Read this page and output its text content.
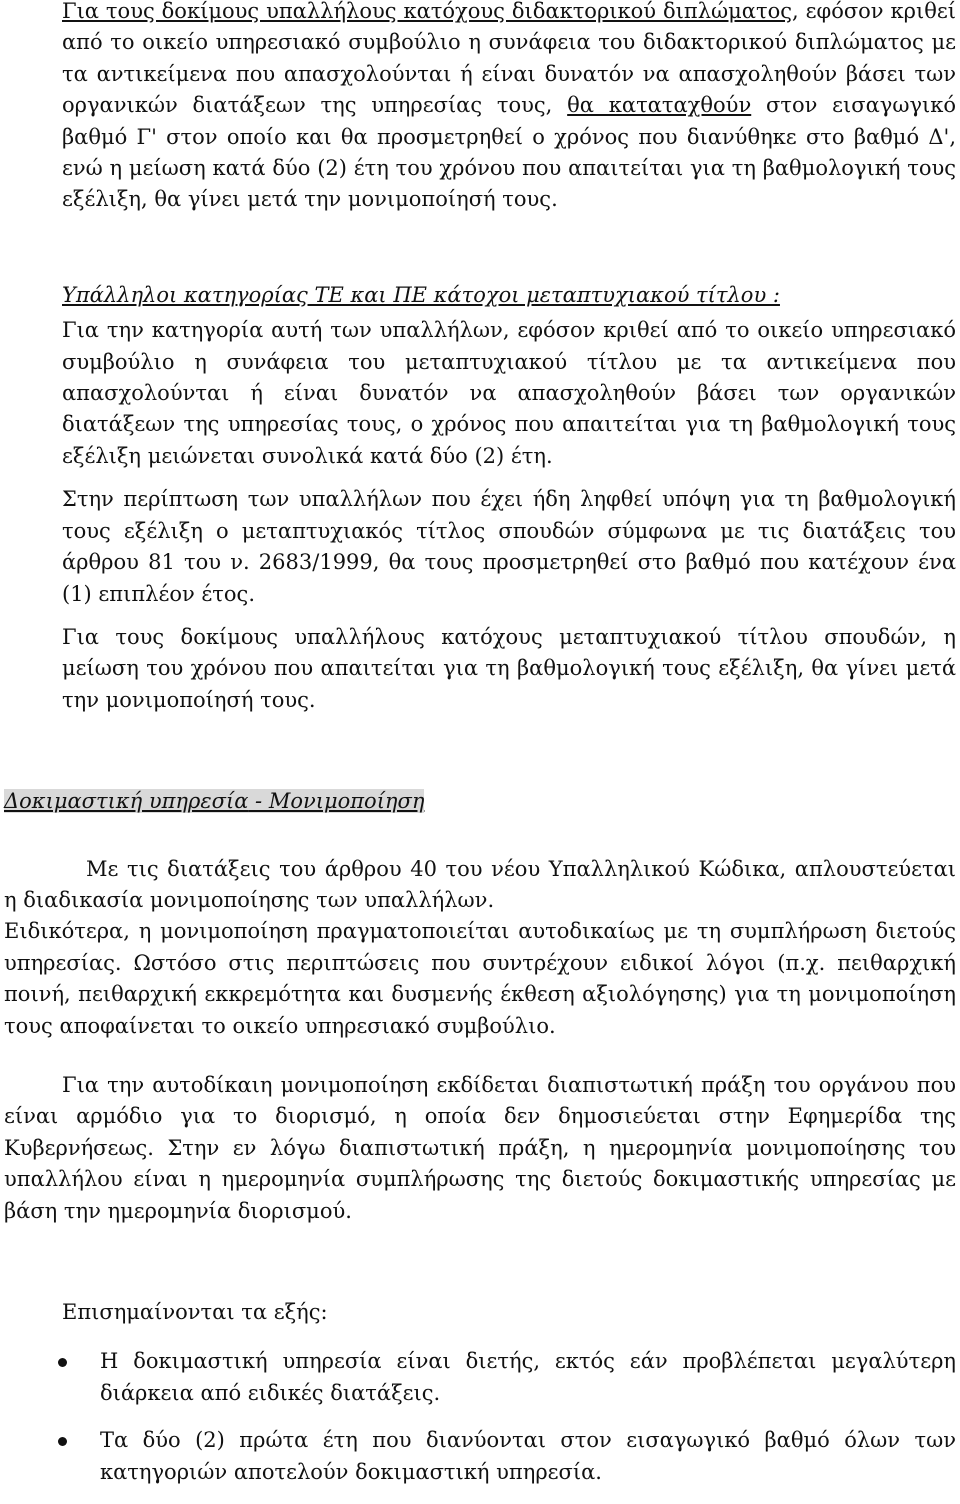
Για τους δοκίμους υπαλλήλους κατόχους διδακτορικού διπλώματος, εφόσον κριθεί από το οικείο υπηρεσιακό συμβούλιο η συνάφεια του διδακτορικού διπλώματος με τα αντικείμενα που απασχολούνται ή είναι δυνατόν να απασχοληθούν βάσει των οργανικών διατάξεων της υπηρεσίας τους, θα καταταχθούν στον εισαγωγικό βαθμό Γ' στον οποίο και θα προσμετρηθεί ο χρόνος που διανύθηκε στο βαθμό Δ', ενώ η μείωση κατά δύο (2) έτη του χρόνου που απαιτείται για τη βαθμολογική τους εξέλιξη, θα γίνει μετά την μονιμοποίησή τους.

Υπάλληλοι κατηγορίας ΤΕ και ΠΕ κάτοχοι μεταπτυχιακού τίτλου :

Για την κατηγορία αυτή των υπαλλήλων, εφόσον κριθεί από το οικείο υπηρεσιακό συμβούλιο η συνάφεια του μεταπτυχιακού τίτλου με τα αντικείμενα που απασχολούνται ή είναι δυνατόν να απασχοληθούν βάσει των οργανικών διατάξεων της υπηρεσίας τους, ο χρόνος που απαιτείται για τη βαθμολογική τους εξέλιξη μειώνεται συνολικά κατά δύο (2) έτη.

Στην περίπτωση των υπαλλήλων που έχει ήδη ληφθεί υπόψη για τη βαθμολογική τους εξέλιξη ο μεταπτυχιακός τίτλος σπουδών σύμφωνα με τις διατάξεις του άρθρου 81 του ν. 2683/1999, θα τους προσμετρηθεί στο βαθμό που κατέχουν ένα (1) επιπλέον έτος.

Για τους δοκίμους υπαλλήλους κατόχους μεταπτυχιακού τίτλου σπουδών, η μείωση του χρόνου που απαιτείται για τη βαθμολογική τους εξέλιξη, θα γίνει μετά την μονιμοποίησή τους.

Δοκιμαστική υπηρεσία - Μονιμοποίηση

Με τις διατάξεις του άρθρου 40 του νέου Υπαλληλικού Κώδικα, απλουστεύεται η διαδικασία μονιμοποίησης των υπαλλήλων.

Ειδικότερα, η μονιμοποίηση πραγματοποιείται αυτοδικαίως με τη συμπλήρωση διετούς υπηρεσίας. Ωστόσο στις περιπτώσεις που συντρέχουν ειδικοί λόγοι (π.χ. πειθαρχική ποινή, πειθαρχική εκκρεμότητα και δυσμενής έκθεση αξιολόγησης) για τη μονιμοποίηση τους αποφαίνεται το οικείο υπηρεσιακό συμβούλιο.

Για την αυτοδίκαιη μονιμοποίηση εκδίδεται διαπιστωτική πράξη του οργάνου που είναι αρμόδιο για το διορισμό, η οποία δεν δημοσιεύεται στην Εφημερίδα της Κυβερνήσεως. Στην εν λόγω διαπιστωτική πράξη, η ημερομηνία μονιμοποίησης του υπαλλήλου είναι η ημερομηνία συμπλήρωσης της διετούς δοκιμαστικής υπηρεσίας με βάση την ημερομηνία διορισμού.

Επισημαίνονται τα εξής:

Η δοκιμαστική υπηρεσία είναι διετής, εκτός εάν προβλέπεται μεγαλύτερη διάρκεια από ειδικές διατάξεις.

Τα δύο (2) πρώτα έτη που διανύονται στον εισαγωγικό βαθμό όλων των κατηγοριών αποτελούν δοκιμαστική υπηρεσία.
